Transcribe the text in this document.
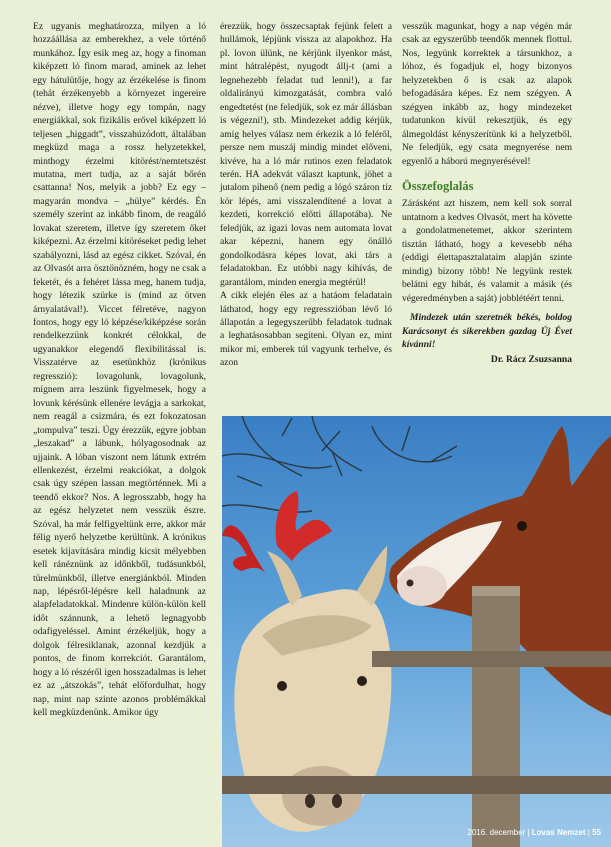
Ez ugyanis meghatározza, milyen a ló hozzáállása az emberekhez, a vele történő munkához. Így esik meg az, hogy a finoman kiképzett ló finom marad, aminek az lehet egy hátulütője, hogy az érzékelése is finom (tehát érzékenyebb a környezet ingereire nézve), illetve hogy egy tompán, nagy energiákkal, sok fizikális erővel kiképzett ló teljesen „higgadt”, visszahúzódott, általában megküzd maga a rossz helyzetekkel, minthogy érzelmi kitörést/nemtetszést mutatna, mert tudja, az a saját bőrén csattanna! Nos, melyik a jobb? Ez egy – magyarán mondva – „hülye” kérdés. Én személy szerint az inkább finom, de reagáló lovakat szeretem, illetve így szeretem őket kiképezni. Az érzelmi kitöréseket pedig lehet szabályozni, lásd az egész cikket. Szóval, én az Olvasót arra ösztönözném, hogy ne csak a feketét, és a fehéret lássa meg, hanem tudja, hogy létezik szürke is (mind az ötven árnyalatával!). Viccet félretéve, nagyon fontos, hogy egy ló képzése/kiképzése során rendelkezzünk konkrét célokkal, de ugyanakkor elegendő flexibilitással is. Visszatérve az esetünkhöz (krónikus regresszió): lovagolunk, lovagolunk, mígnem arra leszünk figyelmesek, hogy a lovunk kérésünk ellenére levágja a sarkokat, nem reagál a csizmára, és ezt fokozatosan „tompulva” teszi. Úgy érezzük, egyre jobban „leszakad” a lábunk, hólyagosodnak az ujjaink. A lóban viszont nem látunk extrém ellenkezést, érzelmi reakciókat, a dolgok csak úgy szépen lassan megtörténnek. Mi a teendő ekkor? Nos. A legrosszabb, hogy ha az egész helyzetet nem vesszük észre. Szóval, ha már felfigyeltünk erre, akkor már félig nyerő helyzetbe kerültünk. A krónikus esetek kijavítására mindig kicsit mélyebben kell ránéznünk az időnkből, tudásunkból, türelmünkből, illetve energiánkból. Minden nap, lépésről-lépésre kell haladnunk az alapfeladatokkal. Mindenre külön-külön kell időt szánnunk, a lehető legnagyobb odafigyeléssel. Amint érzékeljük, hogy a dolgok félresiklanak, azonnal kezdjük a pontos, de finom korrekciót. Garantálom, hogy a ló részéről igen hosszadalmas is lehet ez az „átszokás”, tehát előfordulhat, hogy nap, mint nap szinte azonos problémákkal kell megküzdenünk. Amikor úgy

érezzük, hogy összecsaptak fejünk felett a hullámok, lépjünk vissza az alapokhoz. Ha pl. lovon ülünk, ne kérjünk ilyenkor mást, mint hátralépést, nyugodt állj-t (ami a legnehezebb feladat tud lenni!), a far oldalirányú kimozgatását, combra való engedtetést (ne feledjük, sok ez már állásban is végezni!), stb. Mindezeket addig kérjük, amíg helyes válasz nem érkezik a ló feléről, persze nem muszáj mindig mindet előveni, kivéve, ha a ló már rutinos ezen feladatok terén. HA adekvát választ kaptunk, jöhet a jutalom pihenő (nem pedig a lógó száron tíz kör lépés, ami visszalendítené a lovat a kezdeti, korrekció előtti állapotába). Ne feledjük, az igazi lovas nem automata lovat akar képezni, hanem egy önálló gondolkodásra képes lovat, aki társ a feladatokban. Ez utóbbi nagy kihívás, de garantálom, minden energia megtérül!

A cikk elején éles az a hatáom feladatain láthatod, hogy egy regresszióban lévő ló állapotán a legegyszerűbb feladatok tudnak a leghatásosabban segíteni. Olyan ez, mint mikor mi, emberek túl vagyunk terhelve, és azon

vesszük magunkat, hogy a nap végén már csak az egyszerűbb teendők mennek flottul. Nos, legyünk korrektek a társunkhoz, a lóhoz, és fogadjuk el, hogy bizonyos helyzetekben ő is csak az alapok befogadására képes. Ez nem szégyen. A szégyen inkább az, hogy mindezeket tudatunkon kívül rekesztjük, és egy álmegoldást kényszerítünk ki a helyzetből. Ne feledjük, egy csata megnyerése nem egyenlő a háború megnyerésével!

Összefoglalás

Zárásként azt hiszem, nem kell sok sorral untatnom a kedves Olvasót, mert ha követte a gondolatmenetemet, akkor szerintem tisztán látható, hogy a kevesebb néha (eddigi élettapasztalataim alapján szinte mindig) bizony több! Ne legyünk restek belátni egy hibát, és valamit a másik (és végeredményben a saját) jobblétéért tenni.

Mindezek után szeretnék békés, boldog Karácsonyt és sikerekben gazdag Új Évet kívánni!

Dr. Rácz Zsuzsanna

2016. december | Lovas Nemzet | 55
